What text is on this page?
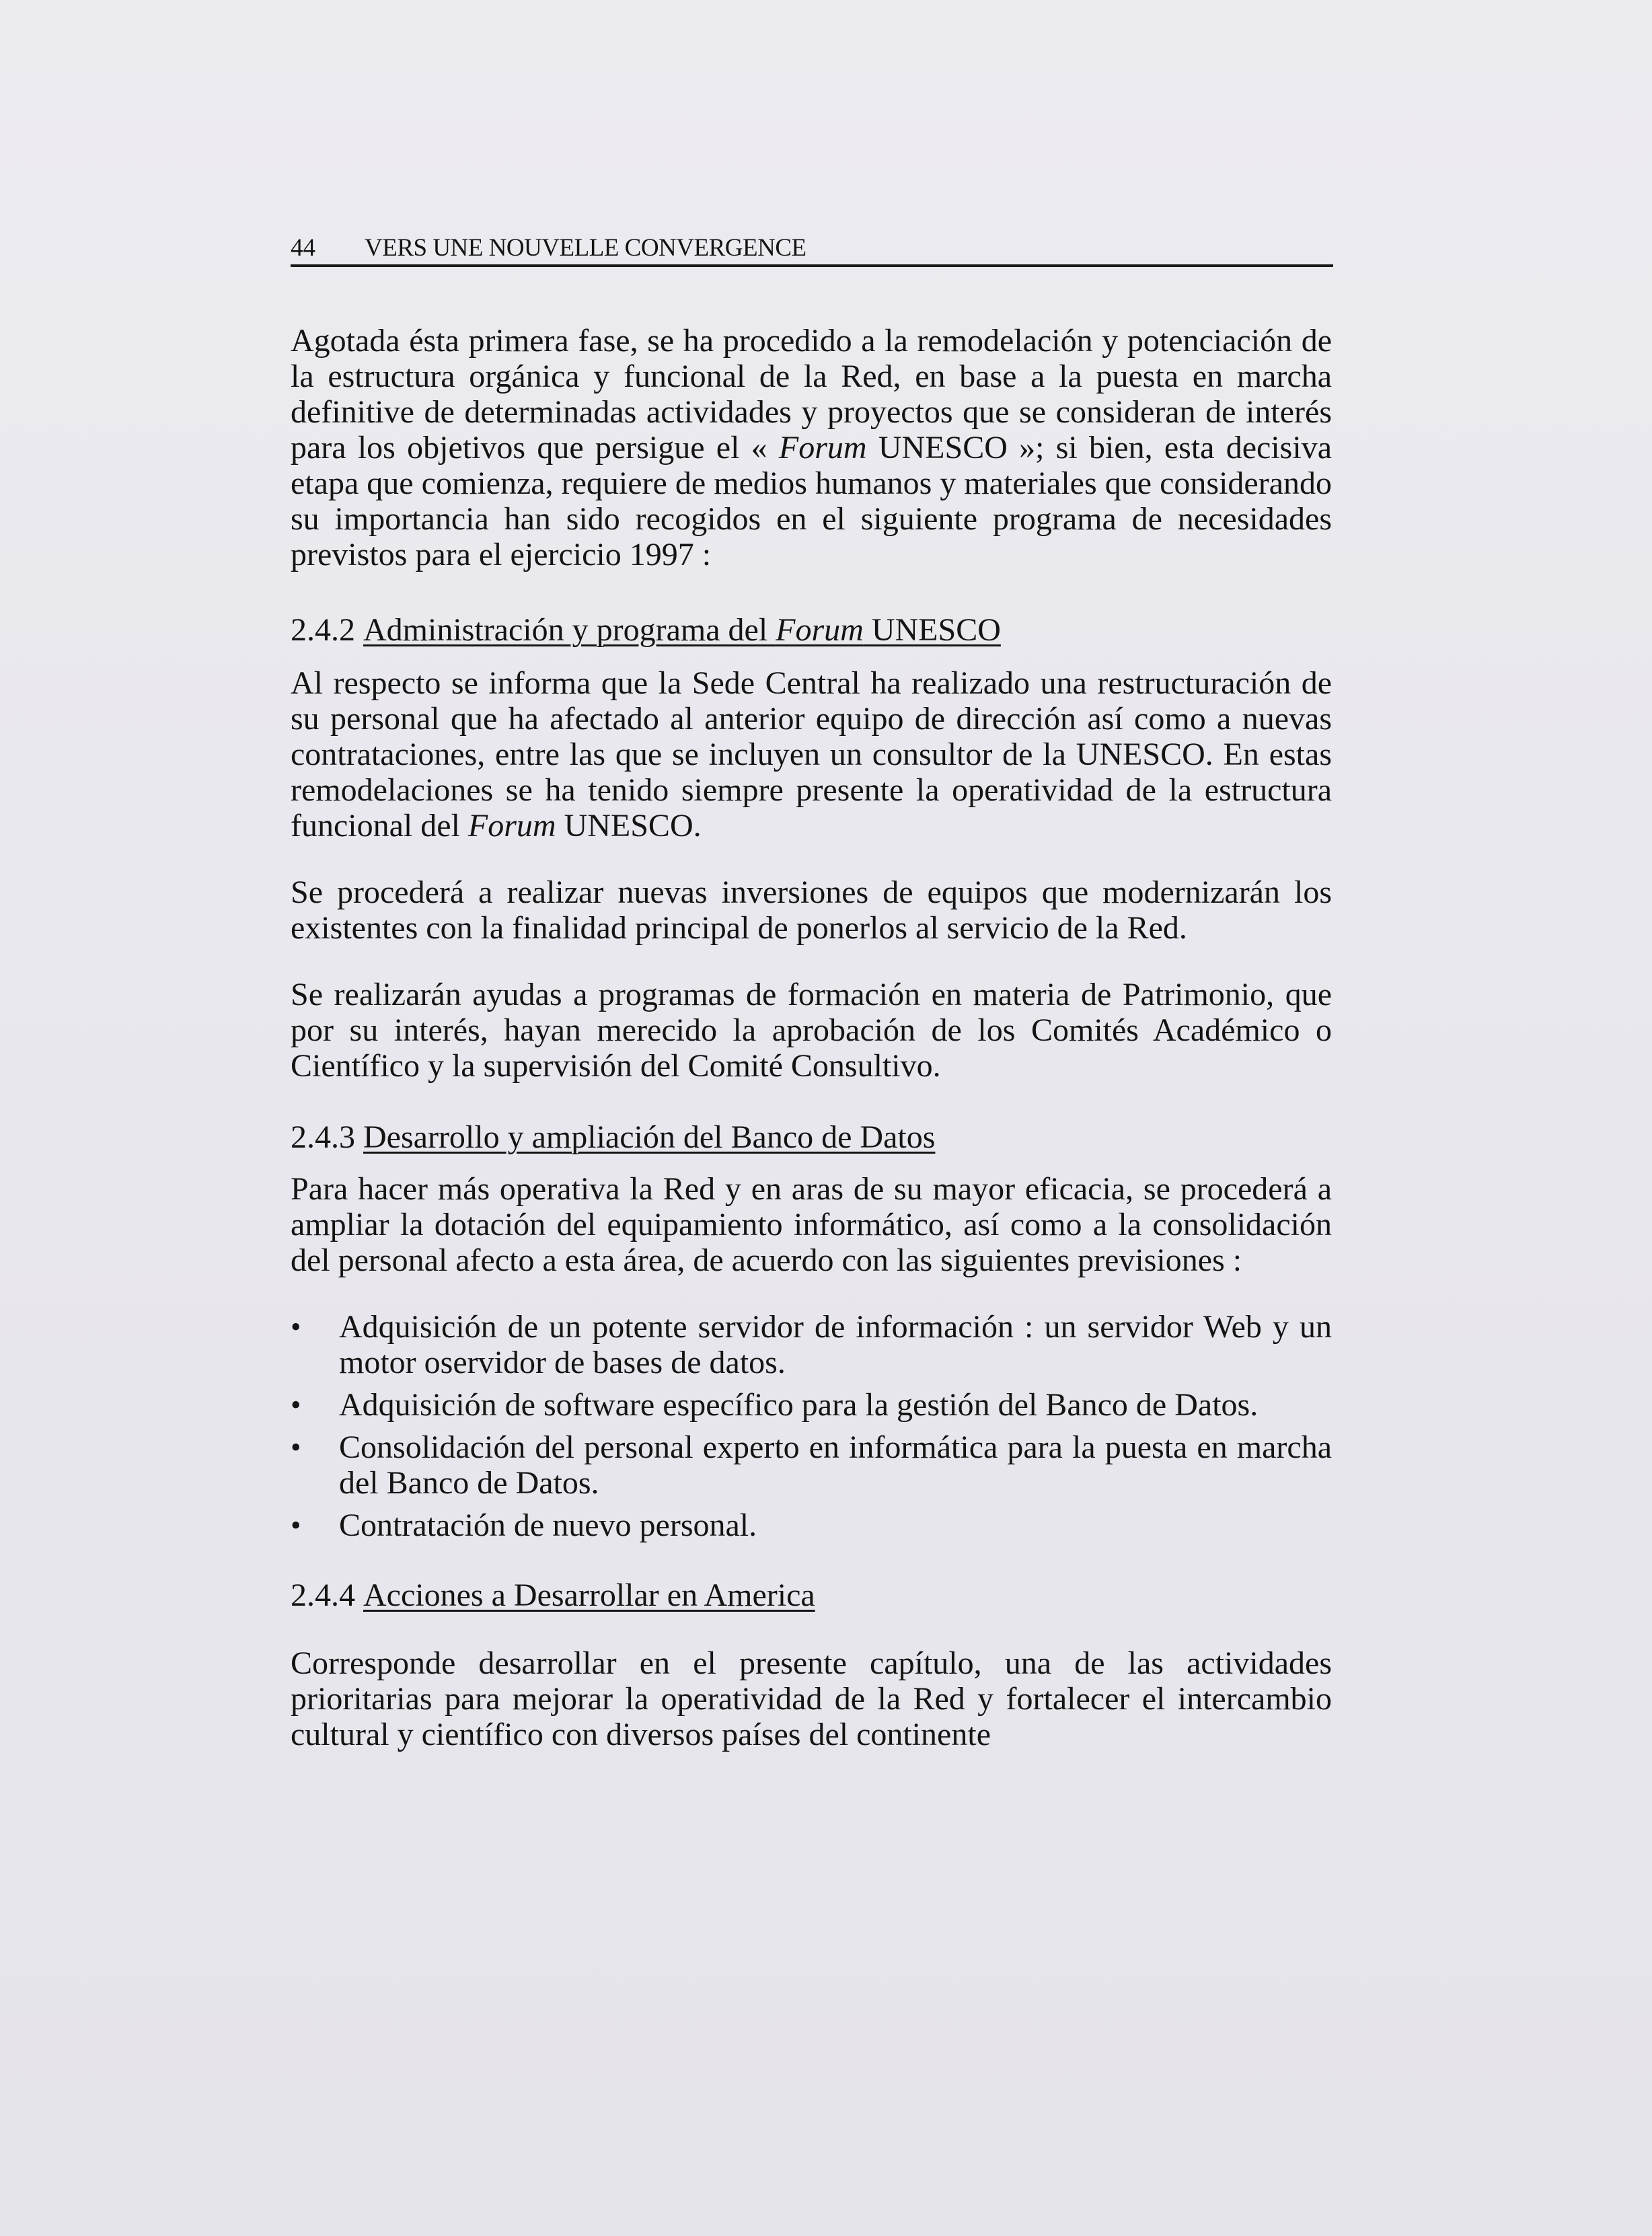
44 VERS UNE NOUVELLE CONVERGENCE

Agotada ésta primera fase, se ha procedido a la remodelación y potenciación de la estructura orgánica y funcional de la Red, en base a la puesta en marcha definitive de determinadas actividades y proyectos que se consideran de interés para los objetivos que persigue el « Forum UNESCO »; si bien, esta decisiva etapa que comienza, requiere de medios humanos y materiales que considerando su importancia han sido recogidos en el siguiente programa de necesidades previstos para el ejercicio 1997 :

2.4.2 Administración y programa del Forum UNESCO

Al respecto se informa que la Sede Central ha realizado una restructuración de su personal que ha afectado al anterior equipo de dirección así como a nuevas contrataciones, entre las que se incluyen un consultor de la UNESCO. En estas remodelaciones se ha tenido siempre presente la operatividad de la estructura funcional del Forum UNESCO.

Se procederá a realizar nuevas inversiones de equipos que modernizarán los existentes con la finalidad principal de ponerlos al servicio de la Red.

Se realizarán ayudas a programas de formación en materia de Patrimonio, que por su interés, hayan merecido la aprobación de los Comités Académico o Científico y la supervisión del Comité Consultivo.

2.4.3 Desarrollo y ampliación del Banco de Datos

Para hacer más operativa la Red y en aras de su mayor eficacia, se procederá a ampliar la dotación del equipamiento informático, así como a la consolidación del personal afecto a esta área, de acuerdo con las siguientes previsiones :

•	Adquisición de un potente servidor de información : un servidor Web y un motor oservidor de bases de datos.
•	Adquisición de software específico para la gestión del Banco de Datos.
•	Consolidación del personal experto en informática para la puesta en marcha del Banco de Datos.
•	Contratación de nuevo personal.

2.4.4 Acciones a Desarrollar en America

Corresponde desarrollar en el presente capítulo, una de las actividades prioritarias para mejorar la operatividad de la Red y fortalecer el intercambio cultural y científico con diversos países del continente
